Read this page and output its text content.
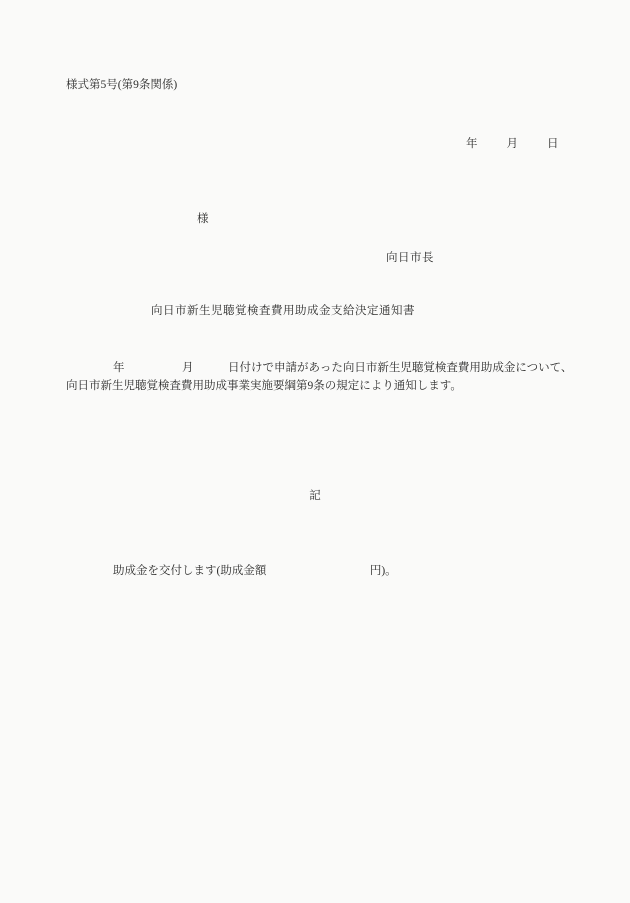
様式第5号(第9条関係)
年　　月　　日
様
向日市長
向日市新生児聴覚検査費用助成金支給決定通知書
年　　　　　月　　　日付けで申請があった向日市新生児聴覚検査費用助成金について、
向日市新生児聴覚検査費用助成事業実施要綱第9条の規定により通知します。
記
助成金を交付します(助成金額　　　　　　　　　円)。
